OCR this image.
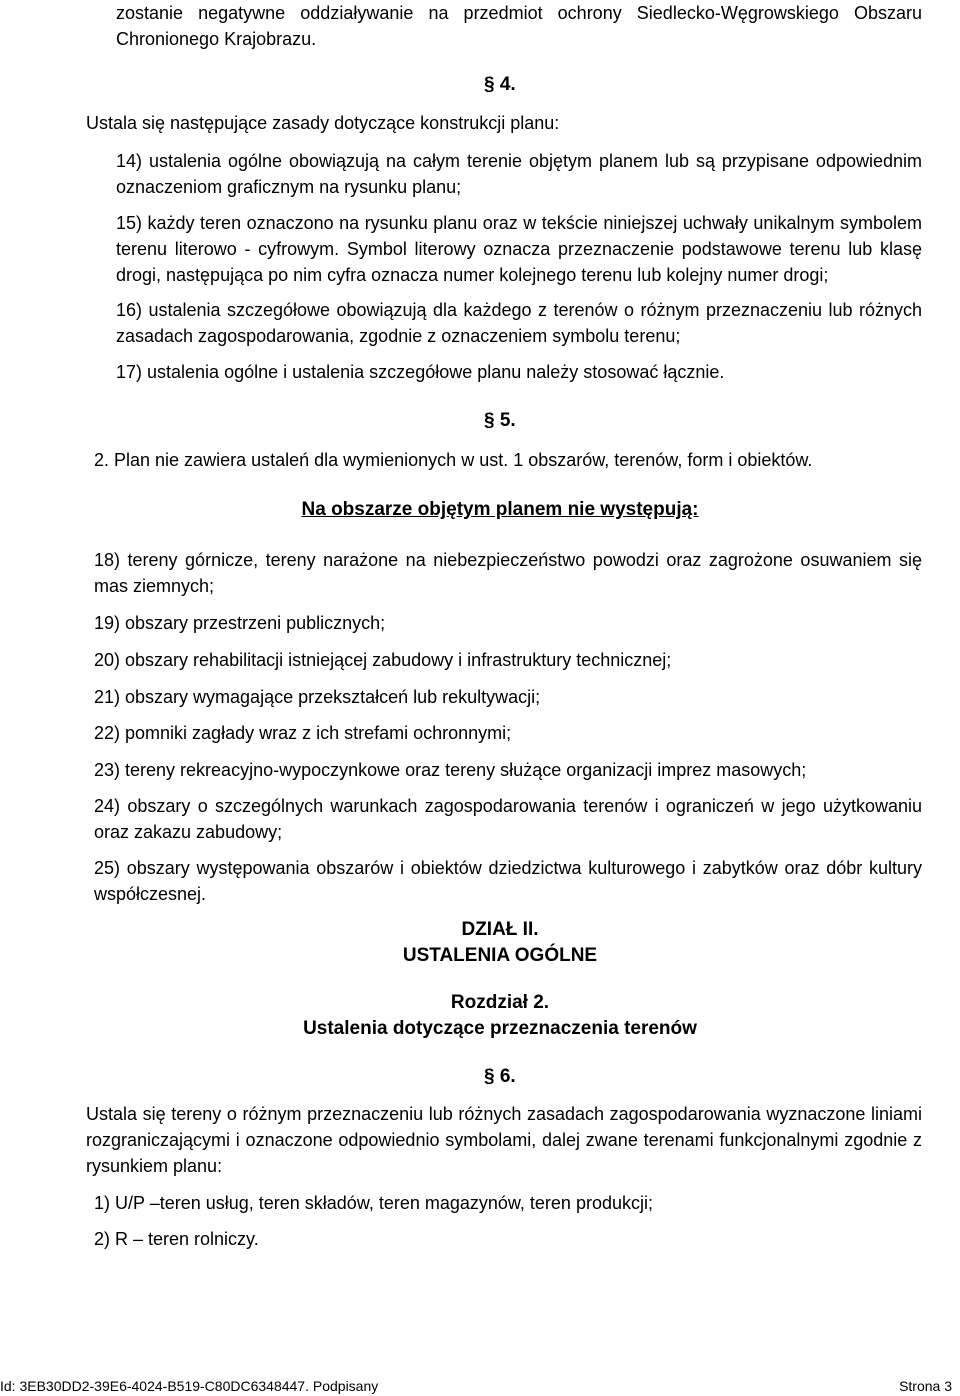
zostanie negatywne oddziaływanie na przedmiot ochrony Siedlecko-Węgrowskiego Obszaru Chronionego Krajobrazu.
§ 4.
Ustala się następujące zasady dotyczące konstrukcji planu:
14) ustalenia ogólne obowiązują na całym terenie objętym planem lub są przypisane odpowiednim oznaczeniom graficznym na rysunku planu;
15) każdy teren oznaczono na rysunku planu oraz w tekście niniejszej uchwały unikalnym symbolem terenu literowo - cyfrowym. Symbol literowy oznacza przeznaczenie podstawowe terenu lub klasę drogi, następująca po nim cyfra oznacza numer kolejnego terenu lub kolejny numer drogi;
16) ustalenia szczegółowe obowiązują dla każdego z terenów o różnym przeznaczeniu lub różnych zasadach zagospodarowania, zgodnie z oznaczeniem symbolu terenu;
17) ustalenia ogólne i ustalenia szczegółowe planu należy stosować łącznie.
§ 5.
2. Plan nie zawiera ustaleń dla wymienionych w ust. 1 obszarów, terenów, form i obiektów.
Na obszarze objętym planem nie występują:
18) tereny górnicze, tereny narażone na niebezpieczeństwo powodzi oraz zagrożone osuwaniem się mas ziemnych;
19) obszary przestrzeni publicznych;
20) obszary rehabilitacji istniejącej zabudowy i infrastruktury technicznej;
21) obszary wymagające przekształceń lub rekultywacji;
22) pomniki zagłady wraz z ich strefami ochronnymi;
23) tereny rekreacyjno-wypoczynkowe oraz tereny służące organizacji imprez masowych;
24) obszary o szczególnych warunkach zagospodarowania terenów i ograniczeń w jego użytkowaniu oraz zakazu zabudowy;
25) obszary występowania obszarów i obiektów dziedzictwa kulturowego i zabytków oraz dóbr kultury współczesnej.
DZIAŁ II.
USTALENIA OGÓLNE
Rozdział 2.
Ustalenia dotyczące przeznaczenia terenów
§ 6.
Ustala się tereny o różnym przeznaczeniu lub różnych zasadach zagospodarowania wyznaczone liniami rozgraniczającymi i oznaczone odpowiednio symbolami, dalej zwane terenami funkcjonalnymi zgodnie z rysunkiem planu:
1) U/P –teren usług, teren składów, teren magazynów, teren produkcji;
2) R – teren rolniczy.
Id: 3EB30DD2-39E6-4024-B519-C80DC6348447. Podpisany	Strona 3
